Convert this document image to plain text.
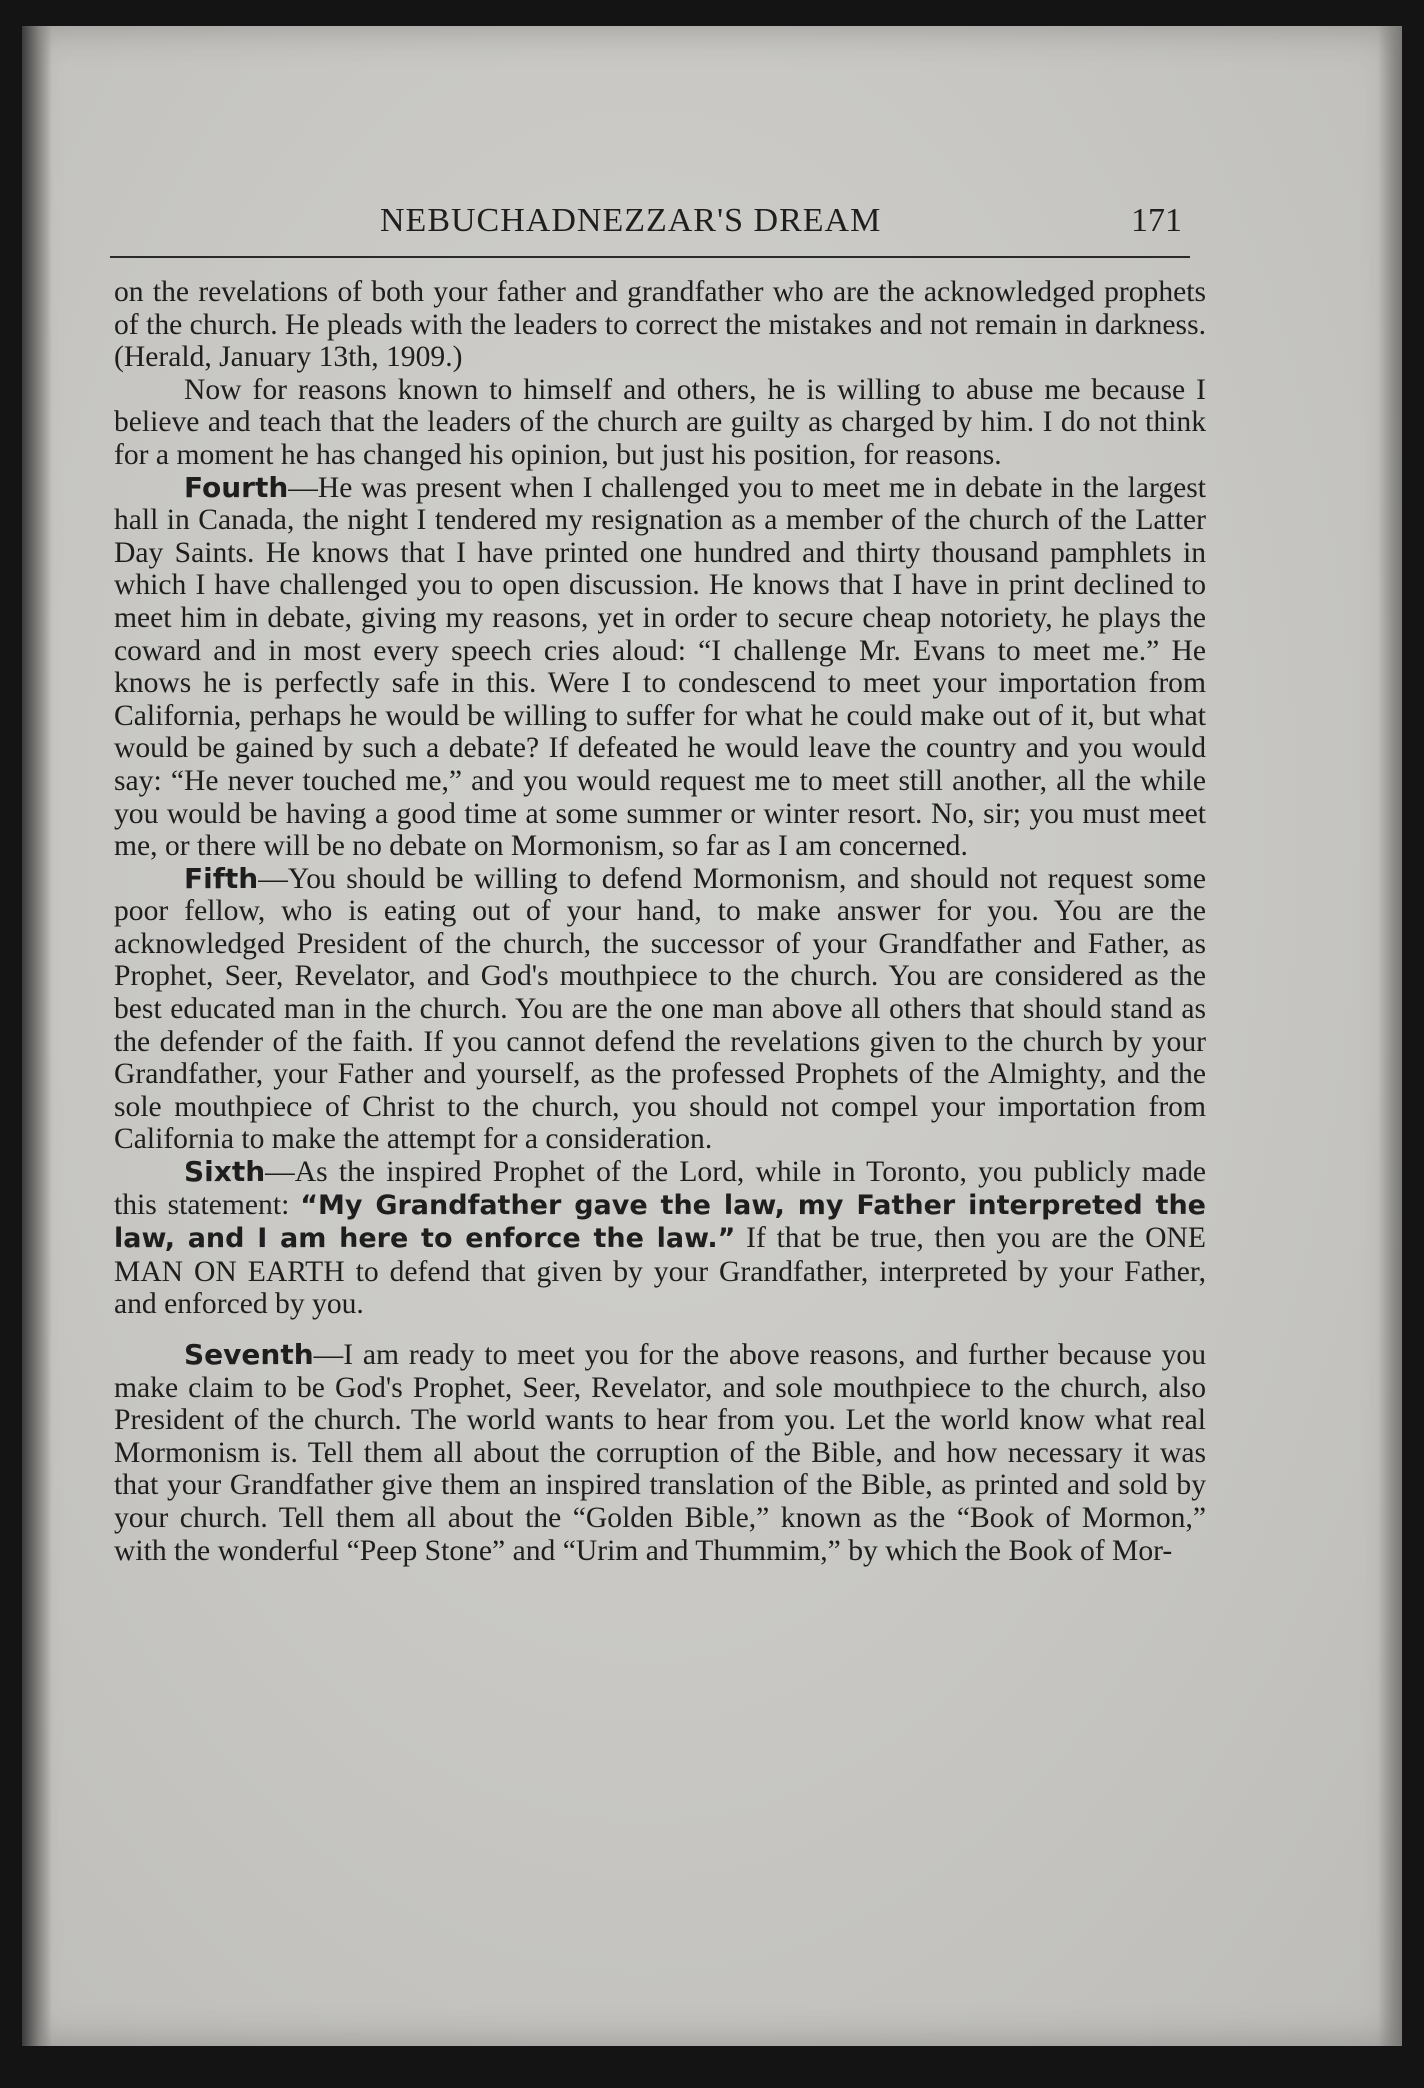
NEBUCHADNEZZAR'S DREAM	171

on the revelations of both your father and grandfather who are the acknowledged prophets of the church. He pleads with the leaders to correct the mistakes and not remain in darkness. (Herald, January 13th, 1909.)

Now for reasons known to himself and others, he is willing to abuse me because I believe and teach that the leaders of the church are guilty as charged by him. I do not think for a moment he has changed his opinion, but just his position, for reasons.

Fourth—He was present when I challenged you to meet me in debate in the largest hall in Canada, the night I tendered my resignation as a member of the church of the Latter Day Saints. He knows that I have printed one hundred and thirty thousand pamphlets in which I have challenged you to open discussion. He knows that I have in print declined to meet him in debate, giving my reasons, yet in order to secure cheap notoriety, he plays the coward and in most every speech cries aloud: “I challenge Mr. Evans to meet me.” He knows he is perfectly safe in this. Were I to condescend to meet your importation from California, perhaps he would be willing to suffer for what he could make out of it, but what would be gained by such a debate? If defeated he would leave the country and you would say: “He never touched me,” and you would request me to meet still another, all the while you would be having a good time at some summer or winter resort. No, sir; you must meet me, or there will be no debate on Mormonism, so far as I am concerned.

Fifth—You should be willing to defend Mormonism, and should not request some poor fellow, who is eating out of your hand, to make answer for you. You are the acknowledged President of the church, the successor of your Grandfather and Father, as Prophet, Seer, Revelator, and God's mouthpiece to the church. You are considered as the best educated man in the church. You are the one man above all others that should stand as the defender of the faith. If you cannot defend the revelations given to the church by your Grandfather, your Father and yourself, as the professed Prophets of the Almighty, and the sole mouthpiece of Christ to the church, you should not compel your importation from California to make the attempt for a consideration.

Sixth—As the inspired Prophet of the Lord, while in Toronto, you publicly made this statement: “My Grandfather gave the law, my Father interpreted the law, and I am here to enforce the law.” If that be true, then you are the ONE MAN ON EARTH to defend that given by your Grandfather, interpreted by your Father, and enforced by you.

Seventh—I am ready to meet you for the above reasons, and further because you make claim to be God's Prophet, Seer, Revelator, and sole mouthpiece to the church, also President of the church. The world wants to hear from you. Let the world know what real Mormonism is. Tell them all about the corruption of the Bible, and how necessary it was that your Grandfather give them an inspired translation of the Bible, as printed and sold by your church. Tell them all about the “Golden Bible,” known as the “Book of Mormon,” with the wonderful “Peep Stone” and “Urim and Thummim,” by which the Book of Mor-
